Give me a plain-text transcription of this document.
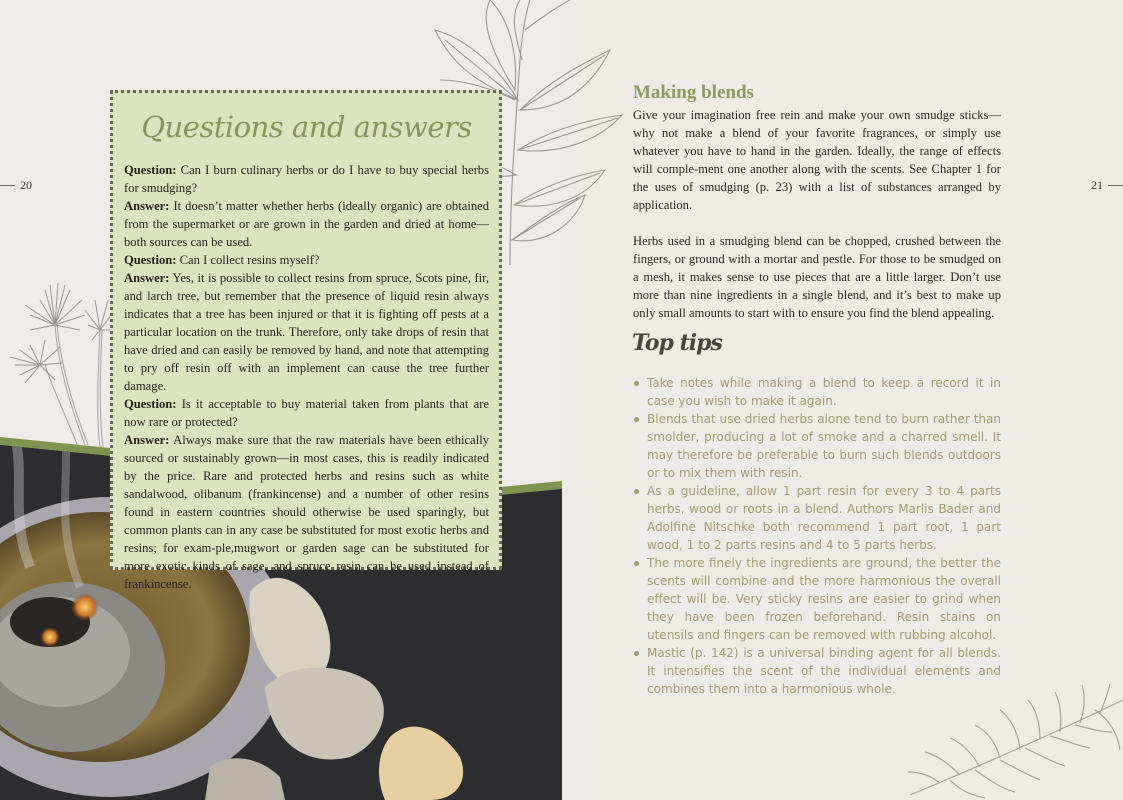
20	21
Questions and answers

Question: Can I burn culinary herbs or do I have to buy special herbs for smudging?

Answer: It doesn’t matter whether herbs (ideally organic) are obtained from the supermarket or are grown in the garden and dried at home—both sources can be used.

Question: Can I collect resins myself?

Answer: Yes, it is possible to collect resins from spruce, Scots pine, fir, and larch tree, but remember that the presence of liquid resin always indicates that a tree has been injured or that it is fighting off pests at a particular location on the trunk. Therefore, only take drops of resin that have dried and can easily be removed by hand, and note that attempting to pry off resin off with an implement can cause the tree further damage.

Question: Is it acceptable to buy material taken from plants that are now rare or protected?

Answer: Always make sure that the raw materials have been ethically sourced or sustainably grown—in most cases, this is readily indicated by the price. Rare and protected herbs and resins such as white sandalwood, olibanum (frankincense) and a number of other resins found in eastern countries should otherwise be used sparingly, but common plants can in any case be substituted for most exotic herbs and resins; for exam-ple,mugwort or garden sage can be substituted for more exotic kinds of sage, and spruce resin can be used instead of frankincense.

Making blends

Give your imagination free rein and make your own smudge sticks—why not make a blend of your favorite fragrances, or simply use whatever you have to hand in the garden. Ideally, the range of effects will comple-ment one another along with the scents. See Chapter 1 for the uses of smudging (p. 23) with a list of substances arranged by application.

Herbs used in a smudging blend can be chopped, crushed between the fingers, or ground with a mortar and pestle. For those to be smudged on a mesh, it makes sense to use pieces that are a little larger. Don’t use more than nine ingredients in a single blend, and it’s best to make up only small amounts to start with to ensure you find the blend appealing.

Top tips
Take notes while making a blend to keep a record it in case you wish to make it again.
Blends that use dried herbs alone tend to burn rather than smolder, producing a lot of smoke and a charred smell. It may therefore be preferable to burn such blends outdoors or to mix them with resin.
As a guideline, allow 1 part resin for every 3 to 4 parts herbs, wood or roots in a blend. Authors Marlis Bader and Adolfine Nitschke both recommend 1 part root, 1 part wood, 1 to 2 parts resins and 4 to 5 parts herbs.
The more finely the ingredients are ground, the better the scents will combine and the more harmonious the overall effect will be. Very sticky resins are easier to grind when they have been frozen beforehand. Resin stains on utensils and fingers can be removed with rubbing alcohol.
Mastic (p. 142) is a universal binding agent for all blends. It intensifies the scent of the individual elements and combines them into a harmonious whole.
